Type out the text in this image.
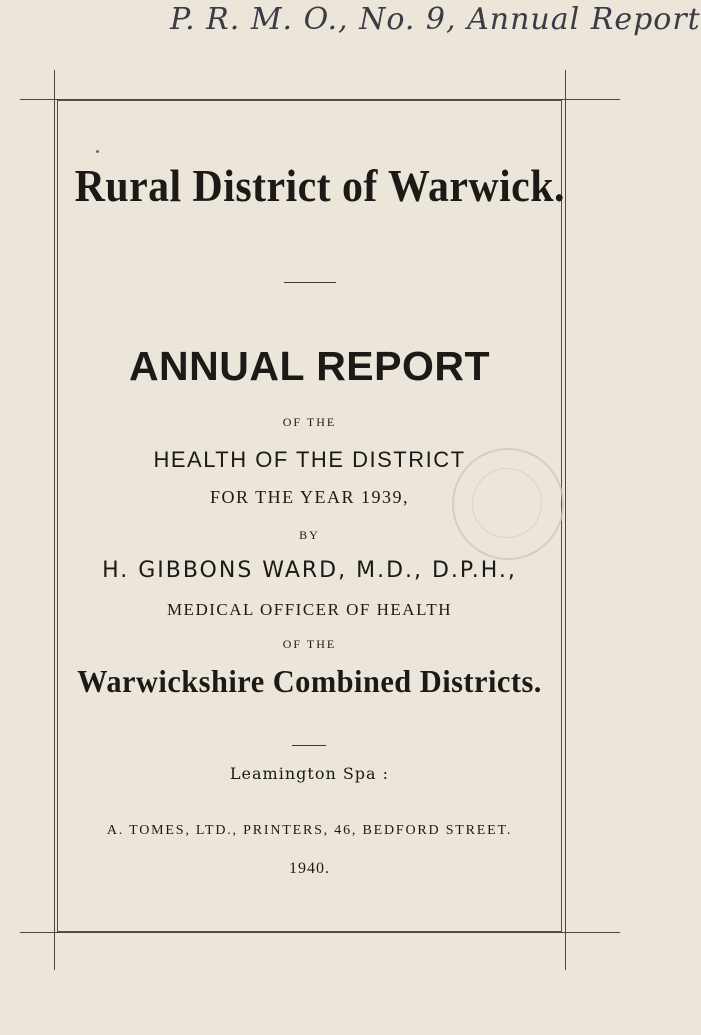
P. R. M. O., No. 9, Annual Report
Rural District of Warwick.
ANNUAL REPORT
OF THE
HEALTH OF THE DISTRICT
FOR THE YEAR 1939,
BY
H. GIBBONS WARD, M.D., D.P.H.,
MEDICAL OFFICER OF HEALTH
OF THE
Warwickshire Combined Districts.
Leamington Spa :
A. TOMES, LTD., PRINTERS, 46, BEDFORD STREET.
1940.
